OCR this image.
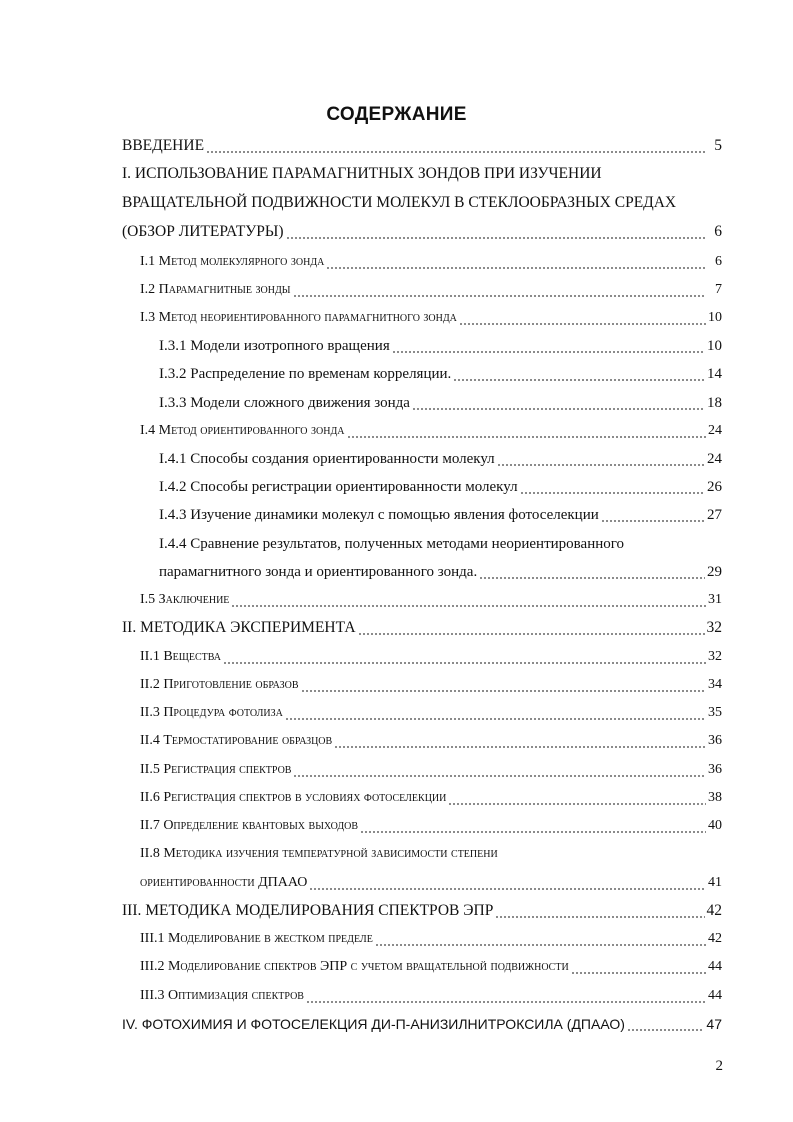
СОДЕРЖАНИЕ
ВВЕДЕНИЕ	5
I. ИСПОЛЬЗОВАНИЕ ПАРАМАГНИТНЫХ ЗОНДОВ ПРИ ИЗУЧЕНИИ
ВРАЩАТЕЛЬНОЙ ПОДВИЖНОСТИ МОЛЕКУЛ В СТЕКЛООБРАЗНЫХ СРЕДАХ
(ОБЗОР ЛИТЕРАТУРЫ)	6
I.1 Метод молекулярного зонда	6
I.2 Парамагнитные зонды	7
I.3 Метод неориентированного парамагнитного зонда	10
I.3.1 Модели изотропного вращения	10
I.3.2 Распределение по временам корреляции.	14
I.3.3 Модели сложного движения зонда	18
I.4 Метод ориентированного зонда	24
I.4.1 Способы создания ориентированности молекул	24
I.4.2 Способы регистрации ориентированности молекул	26
I.4.3 Изучение динамики молекул с помощью явления фотоселекции	27
I.4.4 Сравнение результатов, полученных методами неориентированного
парамагнитного зонда и ориентированного зонда.	29
I.5 Заключение	31
II. МЕТОДИКА ЭКСПЕРИМЕНТА	32
II.1 Вещества	32
II.2 Приготовление образов	34
II.3 Процедура фотолиза	35
II.4 Термостатирование образцов	36
II.5 Регистрация спектров	36
II.6 Регистрация спектров в условиях фотоселекции	38
II.7 Определение квантовых выходов	40
II.8 Методика изучения температурной зависимости степени
ориентированности ДПААО	41
III. МЕТОДИКА МОДЕЛИРОВАНИЯ СПЕКТРОВ ЭПР	42
III.1 Моделирование в жестком пределе	42
III.2 Моделирование спектров ЭПР с учетом вращательной подвижности	44
III.3 Оптимизация спектров	44
IV. ФОТОХИМИЯ И ФОТОСЕЛЕКЦИЯ ДИ-П-АНИЗИЛНИТРОКСИЛА (ДПААО)	47
2
